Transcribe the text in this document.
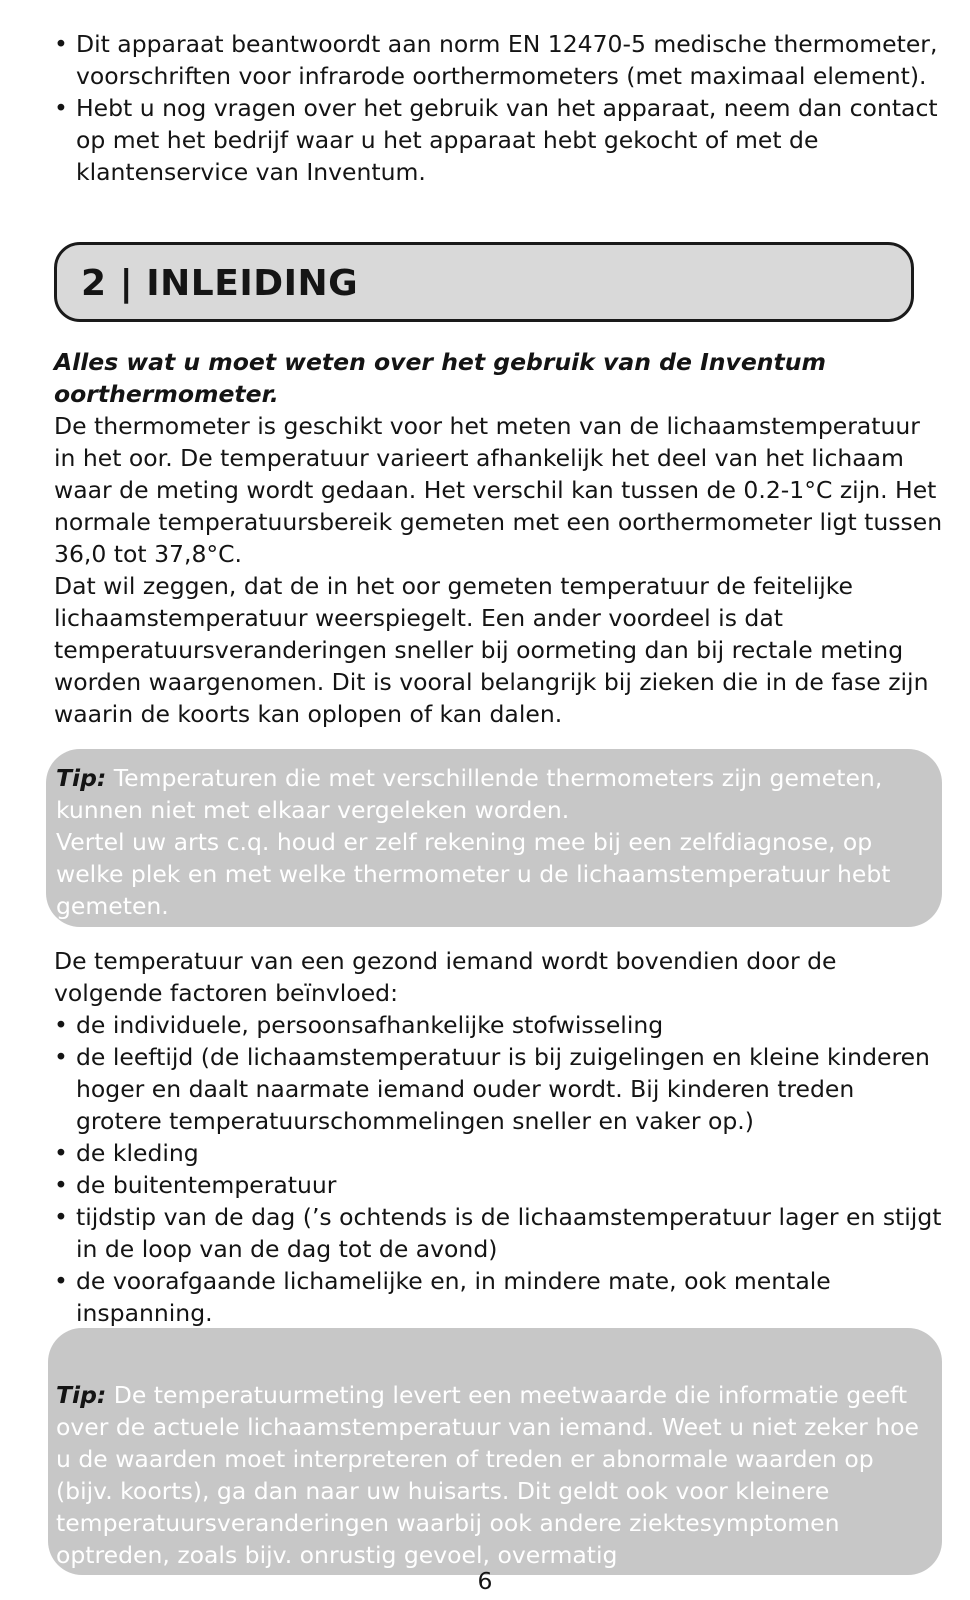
• Dit apparaat beantwoordt aan norm EN 12470-5 medische thermometer, voorschriften voor infrarode oorthermometers (met maximaal element).
• Hebt u nog vragen over het gebruik van het apparaat, neem dan contact op met het bedrijf waar u het apparaat hebt gekocht of met de klantenservice van Inventum.
2 | INLEIDING

Alles wat u moet weten over het gebruik van de Inventum oorthermometer.

De thermometer is geschikt voor het meten van de lichaamstemperatuur in het oor. De temperatuur varieert afhankelijk het deel van het lichaam waar de meting wordt gedaan. Het verschil kan tussen de 0.2-1°C zijn. Het normale temperatuursbereik gemeten met een oorthermometer ligt tussen 36,0 tot 37,8°C.

Dat wil zeggen, dat de in het oor gemeten temperatuur de feitelijke lichaamstemperatuur weerspiegelt. Een ander voordeel is dat temperatuursveranderingen sneller bij oormeting dan bij rectale meting worden waargenomen. Dit is vooral belangrijk bij zieken die in de fase zijn waarin de koorts kan oplopen of kan dalen.

Tip: Temperaturen die met verschillende thermometers zijn gemeten, kunnen niet met elkaar vergeleken worden.

Vertel uw arts c.q. houd er zelf rekening mee bij een zelfdiagnose, op welke plek en met welke thermometer u de lichaamstemperatuur hebt gemeten.

De temperatuur van een gezond iemand wordt bovendien door de volgende factoren beïnvloed:

• de individuele, persoonsafhankelijke stofwisseling
• de leeftijd (de lichaamstemperatuur is bij zuigelingen en kleine kinderen hoger en daalt naarmate iemand ouder wordt. Bij kinderen treden grotere temperatuurschommelingen sneller en vaker op.)
• de kleding
• de buitentemperatuur
• tijdstip van de dag (’s ochtends is de lichaamstemperatuur lager en stijgt in de loop van de dag tot de avond)
• de voorafgaande lichamelijke en, in mindere mate, ook mentale inspanning.

Tip: De temperatuurmeting levert een meetwaarde die informatie geeft over de actuele lichaamstemperatuur van iemand. Weet u niet zeker hoe u de waarden moet interpreteren of treden er abnormale waarden op (bijv. koorts), ga dan naar uw huisarts. Dit geldt ook voor kleinere temperatuursveranderingen waarbij ook andere ziektesymptomen optreden, zoals bijv. onrustig gevoel, overmatig

6
